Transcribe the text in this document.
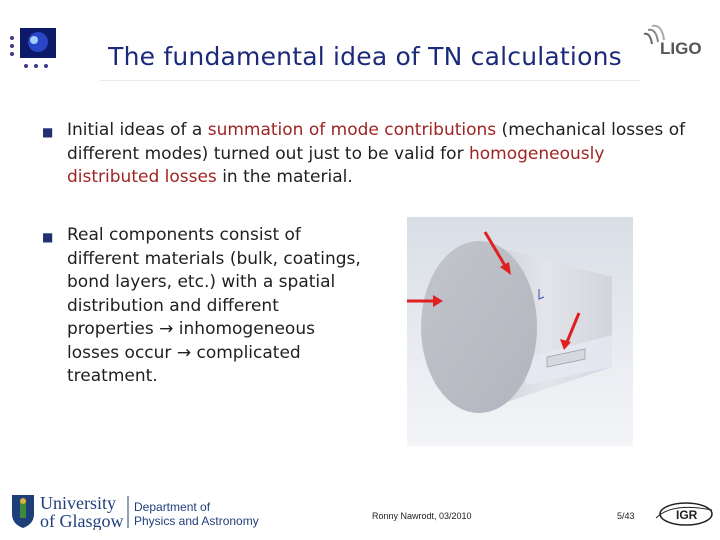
The fundamental idea of TN calculations	LIGO
■ Initial ideas of a summation of mode contributions (mechanical losses of different modes) turned out just to be valid for homogeneously distributed losses in the material.
■ Real components consist of different materials (bulk, coatings, bond layers, etc.) with a spatial distribution and different properties → inhomogeneous losses occur → complicated treatment.
University
of Glasgow
Department of
Physics and Astronomy	Ronny Nawrodt, 03/2010	5/43	IGR
